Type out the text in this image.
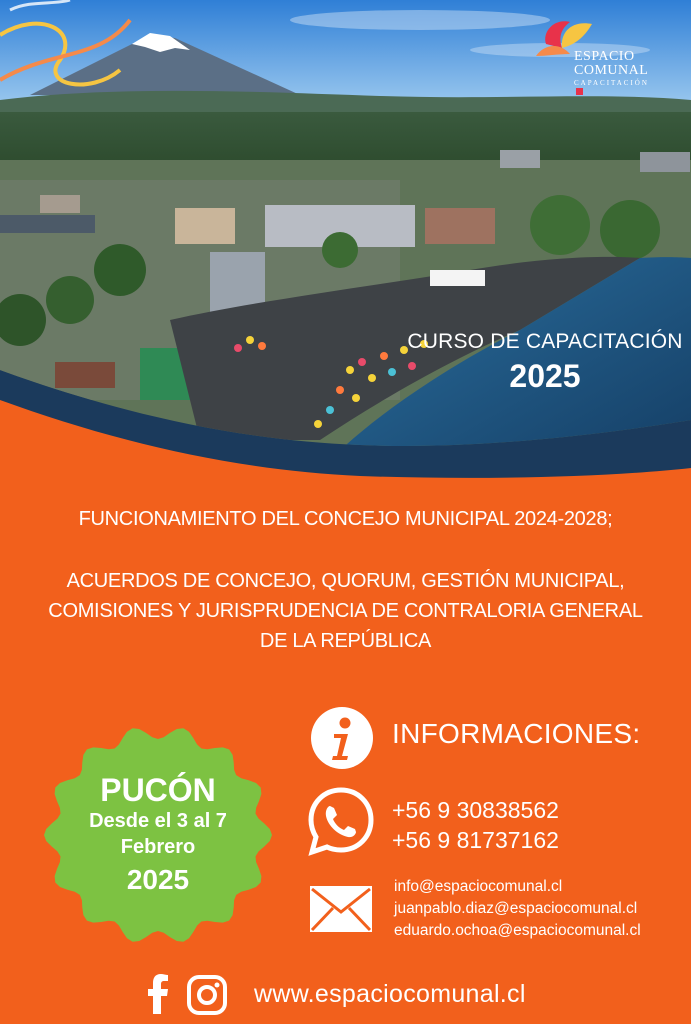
ESPACIO
COMUNAL
CAPACITACIÓN
CURSO DE CAPACITACIÓN
2025
FUNCIONAMIENTO DEL CONCEJO MUNICIPAL 2024-2028;
ACUERDOS DE CONCEJO, QUORUM, GESTIÓN MUNICIPAL,
COMISIONES Y JURISPRUDENCIA DE CONTRALORIA GENERAL
DE LA REPÚBLICA
PUCÓN
Desde el 3 al 7
Febrero
2025
INFORMACIONES:
+56 9 30838562
+56 9 81737162
info@espaciocomunal.cl
juanpablo.diaz@espaciocomunal.cl
eduardo.ochoa@espaciocomunal.cl
www.espaciocomunal.cl
